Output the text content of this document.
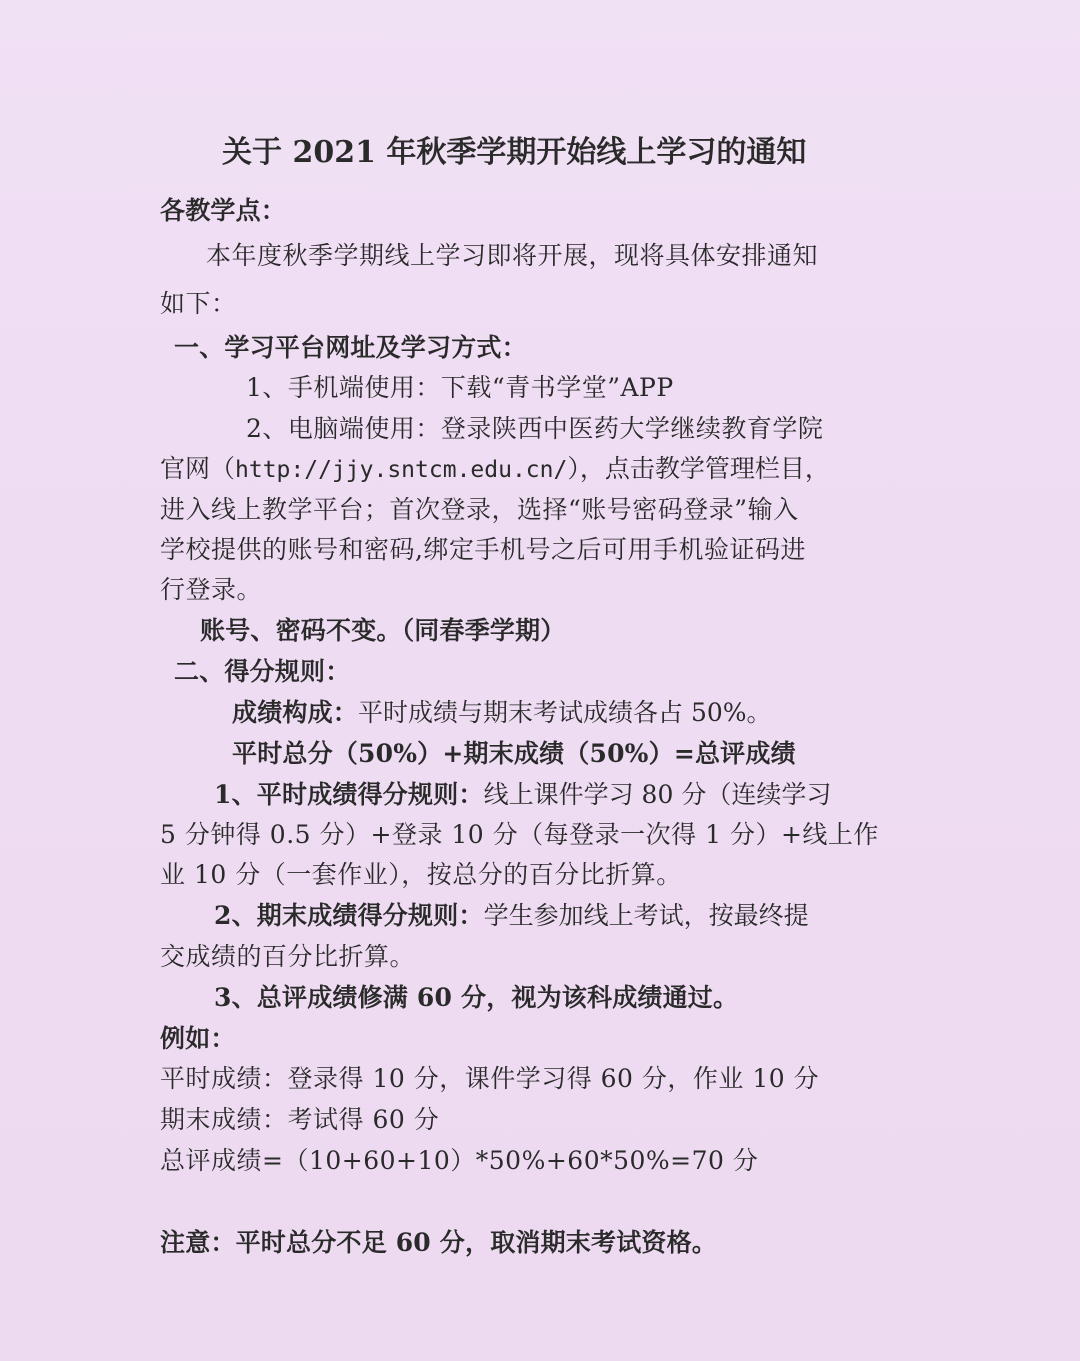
关于 2021 年秋季学期开始线上学习的通知
各教学点：
本年度秋季学期线上学习即将开展，现将具体安排通知
如下：
一、学习平台网址及学习方式：
1、手机端使用：下载“青书学堂”APP
2、电脑端使用：登录陕西中医药大学继续教育学院
官网（http://jjy.sntcm.edu.cn/），点击教学管理栏目，
进入线上教学平台；首次登录，选择“账号密码登录”输入
学校提供的账号和密码,绑定手机号之后可用手机验证码进
行登录。
账号、密码不变。（同春季学期）
二、得分规则：
成绩构成：平时成绩与期末考试成绩各占 50%。
平时总分（50%）+期末成绩（50%）=总评成绩
1、平时成绩得分规则：线上课件学习 80 分（连续学习
5 分钟得 0.5 分）+登录 10 分（每登录一次得 1 分）+线上作
业 10 分（一套作业），按总分的百分比折算。
2、期末成绩得分规则：学生参加线上考试，按最终提
交成绩的百分比折算。
3、总评成绩修满 60 分，视为该科成绩通过。
例如：
平时成绩：登录得 10 分，课件学习得 60 分，作业 10 分
期末成绩：考试得 60 分
总评成绩=（10+60+10）*50%+60*50%=70 分
注意：平时总分不足 60 分，取消期末考试资格。
